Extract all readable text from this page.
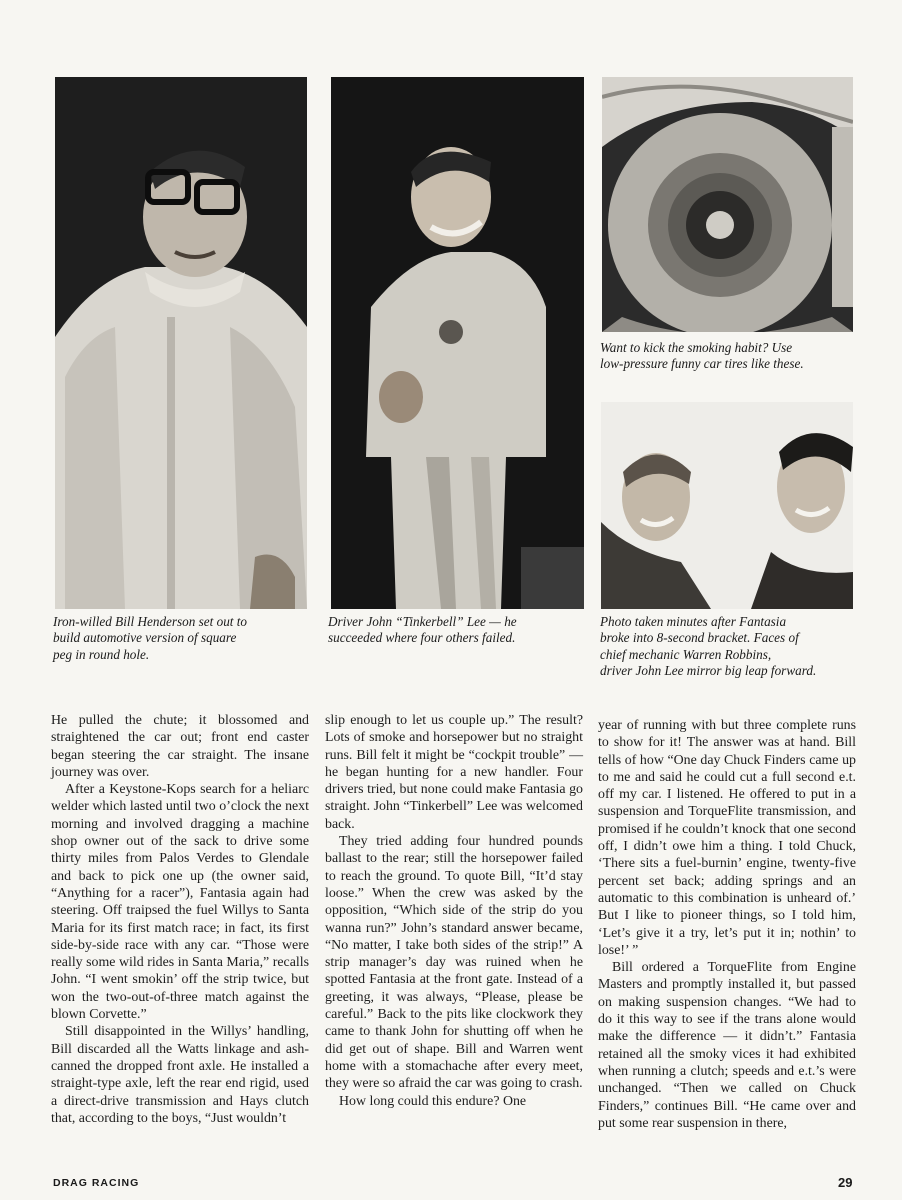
Iron-willed Bill Henderson set out to
build automotive version of square
peg in round hole.

Driver John “Tinkerbell” Lee — he
succeeded where four others failed.

Want to kick the smoking habit? Use
low-pressure funny car tires like these.

Photo taken minutes after Fantasia
broke into 8-second bracket. Faces of
chief mechanic Warren Robbins,
driver John Lee mirror big leap forward.

He pulled the chute; it blossomed and straightened the car out; front end caster began steering the car straight. The insane journey was over.

After a Keystone-Kops search for a heliarc welder which lasted until two o’clock the next morning and involved dragging a machine shop owner out of the sack to drive some thirty miles from Palos Verdes to Glendale and back to pick one up (the owner said, “Anything for a racer”), Fantasia again had steering. Off traipsed the fuel Willys to Santa Maria for its first match race; in fact, its first side-by-side race with any car. “Those were really some wild rides in Santa Maria,” recalls John. “I went smokin’ off the strip twice, but won the two-out-of-three match against the blown Corvette.”

Still disappointed in the Willys’ handling, Bill discarded all the Watts linkage and ash-canned the dropped front axle. He installed a straight-type axle, left the rear end rigid, used a direct-drive transmission and Hays clutch that, according to the boys, “Just wouldn’t

slip enough to let us couple up.” The result? Lots of smoke and horsepower but no straight runs. Bill felt it might be “cockpit trouble” — he began hunting for a new handler. Four drivers tried, but none could make Fantasia go straight. John “Tinkerbell” Lee was welcomed back.

They tried adding four hundred pounds ballast to the rear; still the horsepower failed to reach the ground. To quote Bill, “It’d stay loose.” When the crew was asked by the opposition, “Which side of the strip do you wanna run?” John’s standard answer became, “No matter, I take both sides of the strip!” A strip manager’s day was ruined when he spotted Fantasia at the front gate. Instead of a greeting, it was always, “Please, please be careful.” Back to the pits like clockwork they came to thank John for shutting off when he did get out of shape. Bill and Warren went home with a stomachache after every meet, they were so afraid the car was going to crash.

How long could this endure? One

year of running with but three complete runs to show for it! The answer was at hand. Bill tells of how “One day Chuck Finders came up to me and said he could cut a full second e.t. off my car. I listened. He offered to put in a suspension and TorqueFlite transmission, and promised if he couldn’t knock that one second off, I didn’t owe him a thing. I told Chuck, ‘There sits a fuel-burnin’ engine, twenty-five percent set back; adding springs and an automatic to this combination is unheard of.’ But I like to pioneer things, so I told him, ‘Let’s give it a try, let’s put it in; nothin’ to lose!’ ”

Bill ordered a TorqueFlite from Engine Masters and promptly installed it, but passed on making suspension changes. “We had to do it this way to see if the trans alone would make the difference — it didn’t.” Fantasia retained all the smoky vices it had exhibited when running a clutch; speeds and e.t.’s were unchanged. “Then we called on Chuck Finders,” continues Bill. “He came over and put some rear suspension in there,

DRAG RACING	29
